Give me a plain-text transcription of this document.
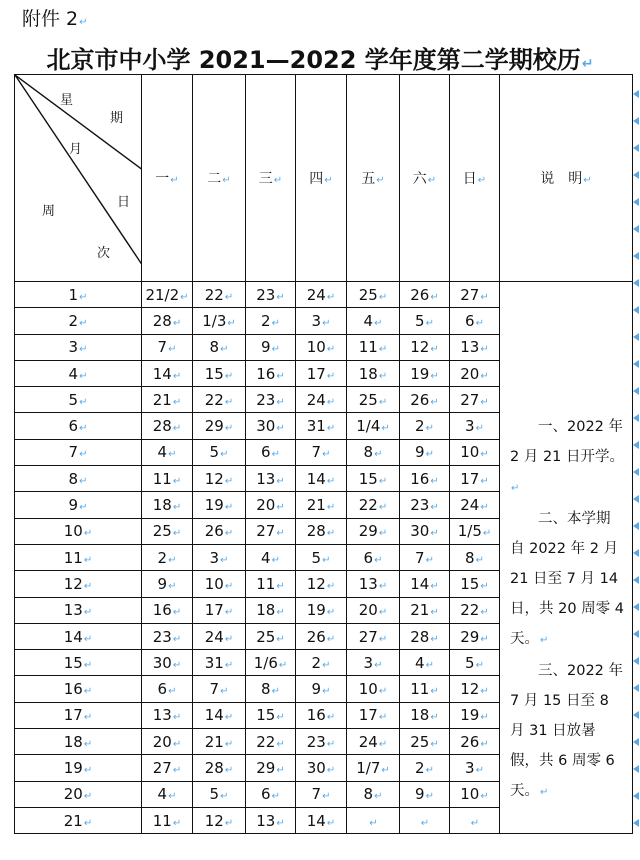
附件 2↵
北京市中小学 2021—2022 学年度第二学期校历↵
星
期
月
日
周
次
	一↵	二↵	三↵	四↵	五↵	六↵	日↵	说　明↵
1↵	21/2↵	22↵	23↵	24↵	25↵	26↵	27↵	一、2022 年 2 月 21 日开学。↵

二、本学期自 2022 年 2 月 21 日至 7 月 14 日，共 20 周零 4 天。↵

三、2022 年 7 月 15 日至 8 月 31 日放暑假，共 6 周零 6 天。↵

2↵	28↵	1/3↵	2↵	3↵	4↵	5↵	6↵	
3↵	7↵	8↵	9↵	10↵	11↵	12↵	13↵	
4↵	14↵	15↵	16↵	17↵	18↵	19↵	20↵	
5↵	21↵	22↵	23↵	24↵	25↵	26↵	27↵	
6↵	28↵	29↵	30↵	31↵	1/4↵	2↵	3↵	
7↵	4↵	5↵	6↵	7↵	8↵	9↵	10↵	
8↵	11↵	12↵	13↵	14↵	15↵	16↵	17↵	
9↵	18↵	19↵	20↵	21↵	22↵	23↵	24↵	
10↵	25↵	26↵	27↵	28↵	29↵	30↵	1/5↵	
11↵	2↵	3↵	4↵	5↵	6↵	7↵	8↵	
12↵	9↵	10↵	11↵	12↵	13↵	14↵	15↵	
13↵	16↵	17↵	18↵	19↵	20↵	21↵	22↵	
14↵	23↵	24↵	25↵	26↵	27↵	28↵	29↵	
15↵	30↵	31↵	1/6↵	2↵	3↵	4↵	5↵	
16↵	6↵	7↵	8↵	9↵	10↵	11↵	12↵	
17↵	13↵	14↵	15↵	16↵	17↵	18↵	19↵	
18↵	20↵	21↵	22↵	23↵	24↵	25↵	26↵	
19↵	27↵	28↵	29↵	30↵	1/7↵	2↵	3↵	
20↵	4↵	5↵	6↵	7↵	8↵	9↵	10↵	
21↵	11↵	12↵	13↵	14↵	↵	↵	↵	
